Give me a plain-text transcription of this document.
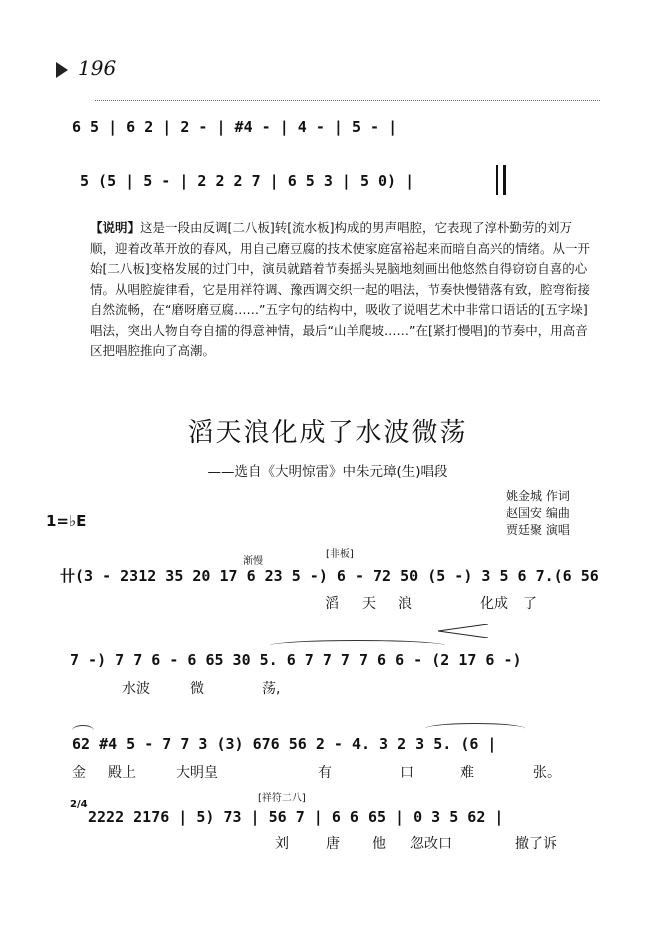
196
6 5 | 6 2 | 2 - | #4 - | 4 - | 5 - |
5 (5 | 5 - | 2 2 2 7 | 6 5 3 | 5 0) |
【说明】这是一段由反调[二八板]转[流水板]构成的男声唱腔，它表现了淳朴勤劳的刘万顺，迎着改革开放的春风，用自己磨豆腐的技术使家庭富裕起来而暗自高兴的情绪。从一开始[二八板]变格发展的过门中，演员就踏着节奏摇头晃脑地刻画出他悠然自得窃窃自喜的心情。从唱腔旋律看，它是用祥符调、豫西调交织一起的唱法，节奏快慢错落有致，腔弯衔接自然流畅，在“磨呀磨豆腐……”五字句的结构中，吸收了说唱艺术中非常口语话的[五字垛]唱法，突出人物自夸自擂的得意神情，最后“山羊爬坡……”在[紧打慢唱]的节奏中，用高音区把唱腔推向了高潮。
滔天浪化成了水波微荡
——选自《大明惊雷》中朱元璋(生)唱段
姚金城 作词
赵国安 编曲
贾廷聚 演唱
1=♭E
渐慢
[非板]
卄(3 - 2312 35 20 17 6 23 5 -) 6 - 72 50 (5 -) 3 5 6 7.(6 56
滔 天 浪	化成 了
7 -) 7 7 6 - 6 65 30 5. 6 7 7 7 7 6 6 - (2 17 6 -)
水波	微	荡,
62 #4 5 - 7 7 3 (3) 676 56 2 - 4. 3 2 3 5. (6 |
金 殿上	大明皇	有	口	难	张。
[祥符二八]
2/4
2222 2176 | 5) 73 | 56 7 | 6 6 65 | 0 3 5 62 |
刘	唐 他 忽改口	撤了诉
